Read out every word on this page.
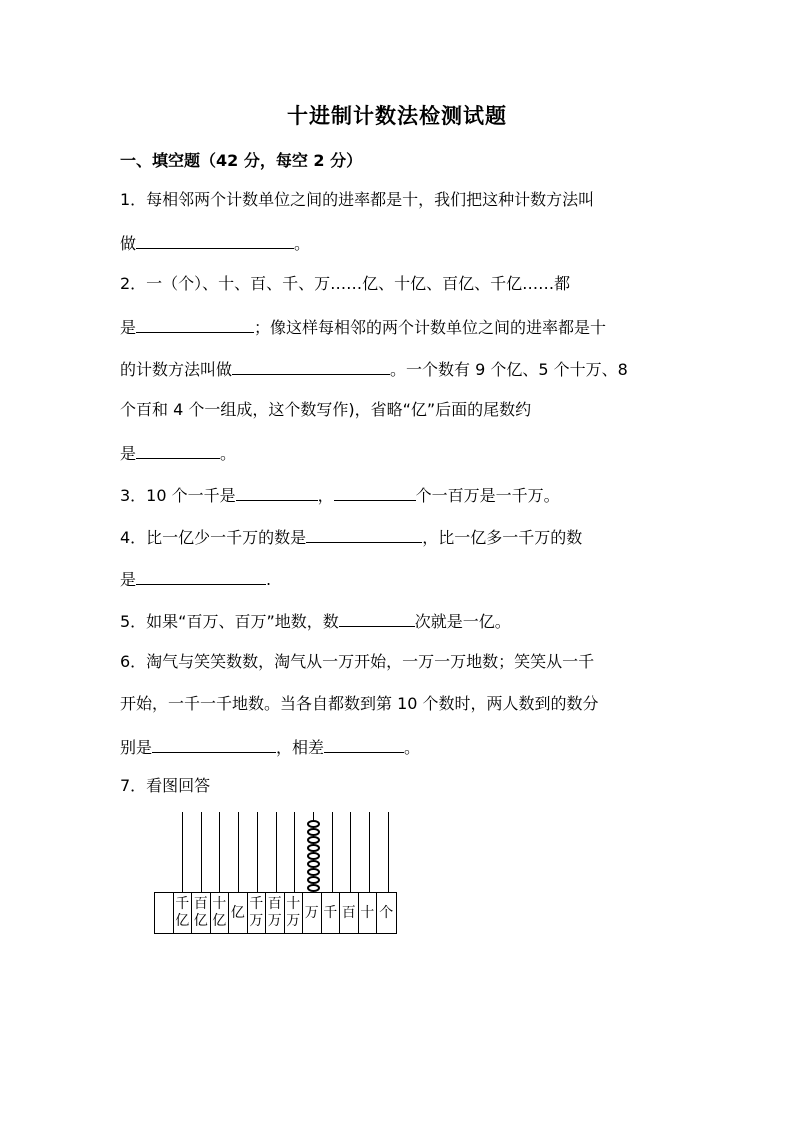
十进制计数法检测试题
一、填空题（42 分，每空 2 分）
1．每相邻两个计数单位之间的进率都是十，我们把这种计数方法叫
做	。
2．一（个）、十、百、千、万……亿、十亿、百亿、千亿……都
是	；像这样每相邻的两个计数单位之间的进率都是十
的计数方法叫做	。一个数有 9 个亿、5 个十万、8
个百和 4 个一组成，这个数写作)，省略“亿”后面的尾数约
是	。
3．10 个一千是	，	个一百万是一千万。
4．比一亿少一千万的数是	，比一亿多一千万的数
是	.
5．如果“百万、百万”地数，数	次就是一亿。
6．淘气与笑笑数数，淘气从一万开始，一万一万地数；笑笑从一千
开始，一千一千地数。当各自都数到第 10 个数时，两人数到的数分
别是	，相差	。
7．看图回答
千
亿
百
亿
十
亿
亿
千
万
百
万
十
万
万 千 百 十 个
